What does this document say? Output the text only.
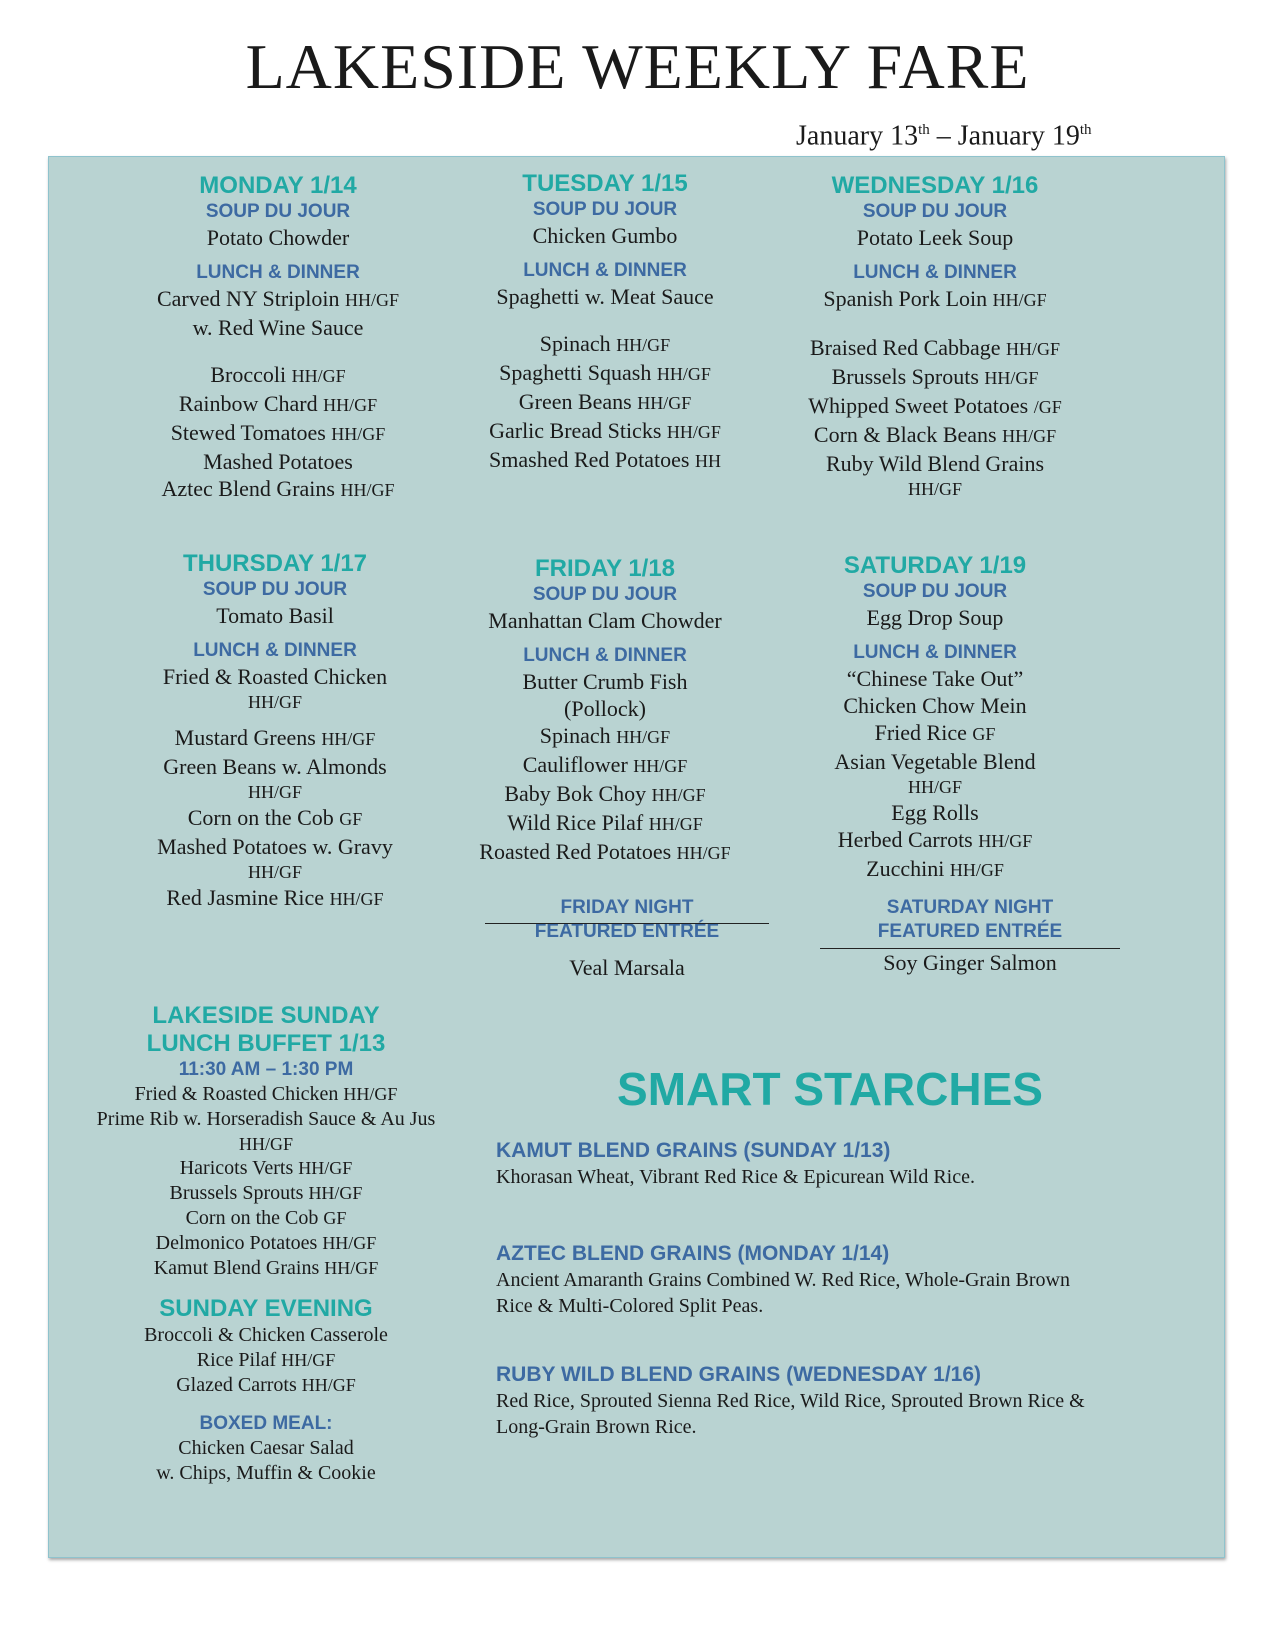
LAKESIDE WEEKLY FARE
January 13th – January 19th
MONDAY 1/14
SOUP DU JOUR
Potato Chowder
LUNCH & DINNER
Carved NY Striploin HH/GF
w. Red Wine Sauce
Broccoli HH/GF
Rainbow Chard HH/GF
Stewed Tomatoes HH/GF
Mashed Potatoes
Aztec Blend Grains HH/GF
TUESDAY 1/15
SOUP DU JOUR
Chicken Gumbo
LUNCH & DINNER
Spaghetti w. Meat Sauce
Spinach HH/GF
Spaghetti Squash HH/GF
Green Beans HH/GF
Garlic Bread Sticks HH/GF
Smashed Red Potatoes HH
WEDNESDAY 1/16
SOUP DU JOUR
Potato Leek Soup
LUNCH & DINNER
Spanish Pork Loin HH/GF
Braised Red Cabbage HH/GF
Brussels Sprouts HH/GF
Whipped Sweet Potatoes /GF
Corn & Black Beans HH/GF
Ruby Wild Blend Grains
HH/GF
THURSDAY 1/17
SOUP DU JOUR
Tomato Basil
LUNCH & DINNER
Fried & Roasted Chicken
HH/GF
Mustard Greens HH/GF
Green Beans w. Almonds
HH/GF
Corn on the Cob GF
Mashed Potatoes w. Gravy
HH/GF
Red Jasmine Rice HH/GF
FRIDAY 1/18
SOUP DU JOUR
Manhattan Clam Chowder
LUNCH & DINNER
Butter Crumb Fish
(Pollock)
Spinach HH/GF
Cauliflower HH/GF
Baby Bok Choy HH/GF
Wild Rice Pilaf HH/GF
Roasted Red Potatoes HH/GF
FRIDAY NIGHT
FEATURED ENTRÉE
Veal Marsala
SATURDAY 1/19
SOUP DU JOUR
Egg Drop Soup
LUNCH & DINNER
“Chinese Take Out”
Chicken Chow Mein
Fried Rice GF
Asian Vegetable Blend
HH/GF
Egg Rolls
Herbed Carrots HH/GF
Zucchini HH/GF
SATURDAY NIGHT
FEATURED ENTRÉE
Soy Ginger Salmon
LAKESIDE SUNDAY
LUNCH BUFFET 1/13
11:30 AM – 1:30 PM
Fried & Roasted Chicken HH/GF
Prime Rib w. Horseradish Sauce & Au Jus
HH/GF
Haricots Verts HH/GF
Brussels Sprouts HH/GF
Corn on the Cob GF
Delmonico Potatoes HH/GF
Kamut Blend Grains HH/GF
SUNDAY EVENING
Broccoli & Chicken Casserole
Rice Pilaf HH/GF
Glazed Carrots HH/GF
BOXED MEAL:
Chicken Caesar Salad
w. Chips, Muffin & Cookie
SMART STARCHES
KAMUT BLEND GRAINS (SUNDAY 1/13)
Khorasan Wheat, Vibrant Red Rice & Epicurean Wild Rice.
AZTEC BLEND GRAINS (MONDAY 1/14)
Ancient Amaranth Grains Combined W. Red Rice, Whole-Grain Brown
Rice & Multi-Colored Split Peas.
RUBY WILD BLEND GRAINS (WEDNESDAY 1/16)
Red Rice, Sprouted Sienna Red Rice, Wild Rice, Sprouted Brown Rice &
Long-Grain Brown Rice.
